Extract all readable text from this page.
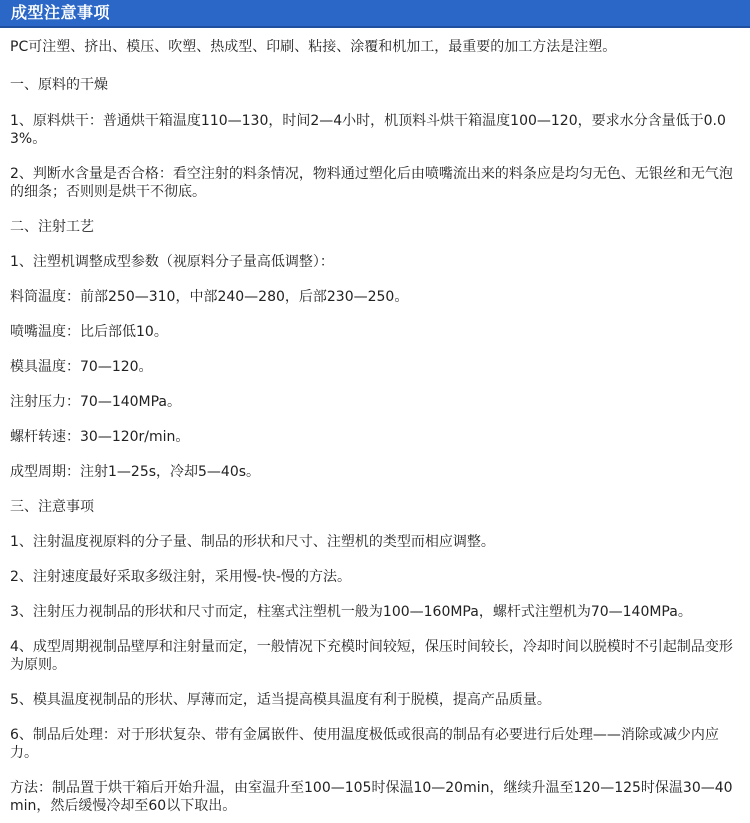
成型注意事项

PC可注塑、挤出、模压、吹塑、热成型、印刷、粘接、涂覆和机加工，最重要的加工方法是注塑。

一、原料的干燥

1、原料烘干：普通烘干箱温度110—130，时间2—4小时，机顶料斗烘干箱温度100—120，要求水分含量低于0.03%。

2、判断水含量是否合格：看空注射的料条情况，物料通过塑化后由喷嘴流出来的料条应是均匀无色、无银丝和无气泡的细条；否则则是烘干不彻底。

二、注射工艺

1、注塑机调整成型参数（视原料分子量高低调整）：

料筒温度：前部250—310，中部240—280，后部230—250。

喷嘴温度：比后部低10。

模具温度：70—120。

注射压力：70—140MPa。

螺杆转速：30—120r/min。

成型周期：注射1—25s，冷却5—40s。

三、注意事项

1、注射温度视原料的分子量、制品的形状和尺寸、注塑机的类型而相应调整。

2、注射速度最好采取多级注射，采用慢-快-慢的方法。

3、注射压力视制品的形状和尺寸而定，柱塞式注塑机一般为100—160MPa，螺杆式注塑机为70—140MPa。

4、成型周期视制品壁厚和注射量而定，一般情况下充模时间较短，保压时间较长，冷却时间以脱模时不引起制品变形为原则。

5、模具温度视制品的形状、厚薄而定，适当提高模具温度有利于脱模，提高产品质量。

6、制品后处理：对于形状复杂、带有金属嵌件、使用温度极低或很高的制品有必要进行后处理——消除或减少内应力。

方法：制品置于烘干箱后开始升温，由室温升至100—105时保温10—20min，继续升温至120—125时保温30—40min，然后缓慢冷却至60以下取出。
